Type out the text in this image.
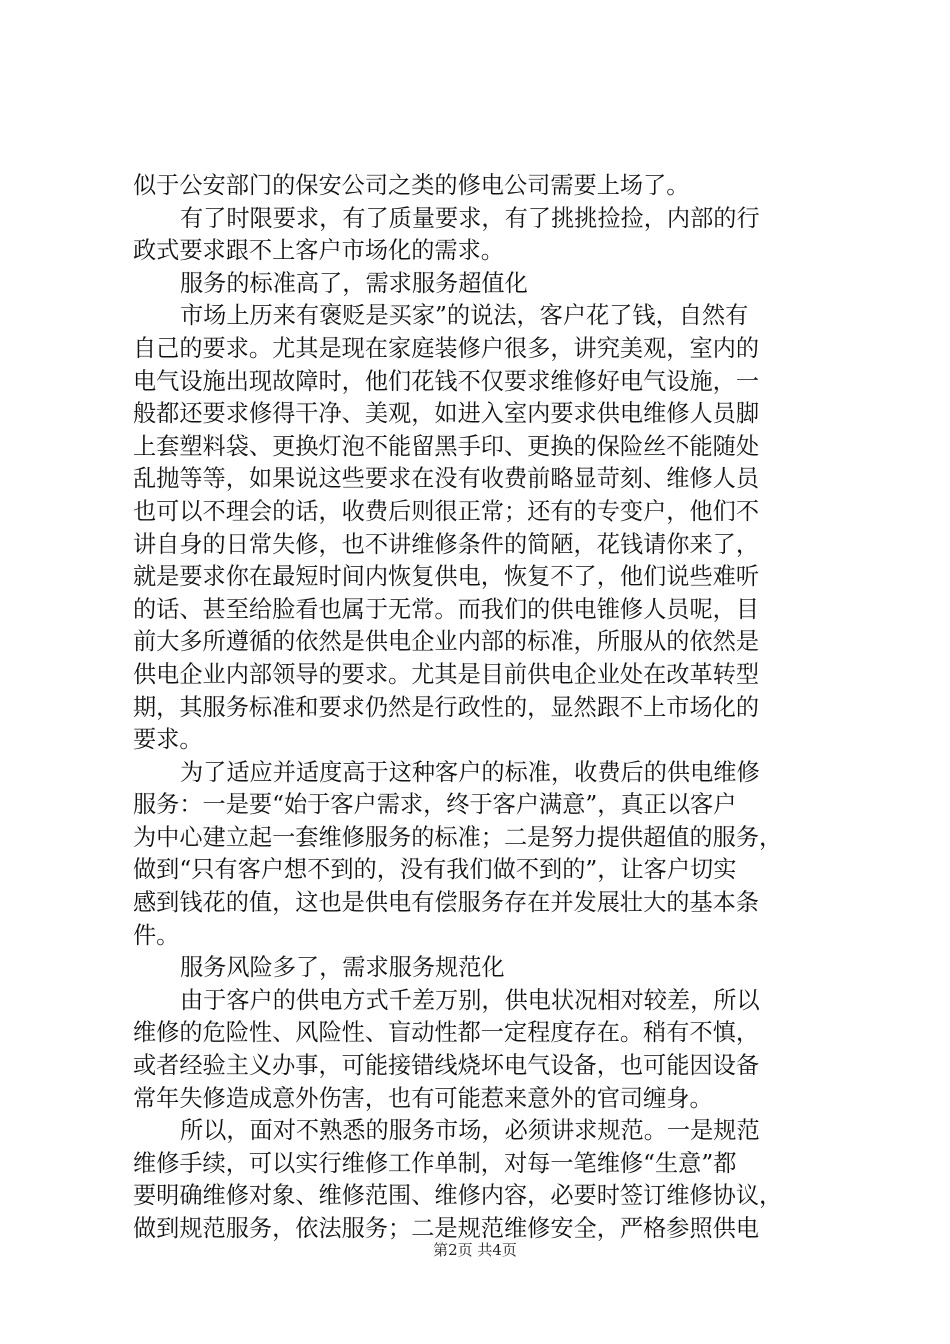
似于公安部门的保安公司之类的修电公司需要上场了。
有了时限要求，有了质量要求，有了挑挑捡捡，内部的行
政式要求跟不上客户市场化的需求。
服务的标准高了，需求服务超值化
市场上历来有褒贬是买家”的说法，客户花了钱，自然有
自己的要求。尤其是现在家庭装修户很多，讲究美观，室内的
电气设施出现故障时，他们花钱不仅要求维修好电气设施，一
般都还要求修得干净、美观，如进入室内要求供电维修人员脚
上套塑料袋、更换灯泡不能留黑手印、更换的保险丝不能随处
乱抛等等，如果说这些要求在没有收费前略显苛刻、维修人员
也可以不理会的话，收费后则很正常；还有的专变户，他们不
讲自身的日常失修，也不讲维修条件的简陋，花钱请你来了，
就是要求你在最短时间内恢复供电，恢复不了，他们说些难听
的话、甚至给脸看也属于无常。而我们的供电锥修人员呢，目
前大多所遵循的依然是供电企业内部的标准，所服从的依然是
供电企业内部领导的要求。尤其是目前供电企业处在改革转型
期，其服务标准和要求仍然是行政性的，显然跟不上市场化的
要求。
为了适应并适度高于这种客户的标准，收费后的供电维修
服务：一是要“始于客户需求，终于客户满意”，真正以客户
为中心建立起一套维修服务的标准；二是努力提供超值的服务，
做到“只有客户想不到的，没有我们做不到的”，让客户切实
感到钱花的值，这也是供电有偿服务存在并发展壮大的基本条
件。
服务风险多了，需求服务规范化
由于客户的供电方式千差万别，供电状况相对较差，所以
维修的危险性、风险性、盲动性都一定程度存在。稍有不慎，
或者经验主义办事，可能接错线烧坏电气设备，也可能因设备
常年失修造成意外伤害，也有可能惹来意外的官司缠身。
所以，面对不熟悉的服务市场，必须讲求规范。一是规范
维修手续，可以实行维修工作单制，对每一笔维修“生意”都
要明确维修对象、维修范围、维修内容，必要时签订维修协议，
做到规范服务，依法服务；二是规范维修安全，严格参照供电
第2页 共4页
